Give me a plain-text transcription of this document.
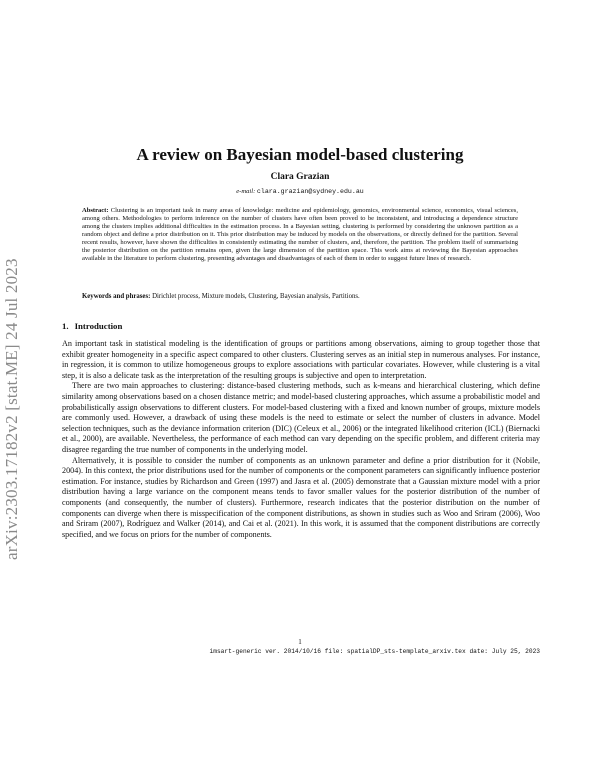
arXiv:2303.17182v2 [stat.ME] 24 Jul 2023
A review on Bayesian model-based clustering
Clara Grazian
e-mail: clara.grazian@sydney.edu.au
Abstract: Clustering is an important task in many areas of knowledge: medicine and epidemiology, genomics, environmental science, economics, visual sciences, among others. Methodologies to perform inference on the number of clusters have often been proved to be inconsistent, and introducing a dependence structure among the clusters implies additional difficulties in the estimation process. In a Bayesian setting, clustering is performed by considering the unknown partition as a random object and define a prior distribution on it. This prior distribution may be induced by models on the observations, or directly defined for the partition. Several recent results, however, have shown the difficulties in consistently estimating the number of clusters, and, therefore, the partition. The problem itself of summarising the posterior distribution on the partition remains open, given the large dimension of the partition space. This work aims at reviewing the Bayesian approaches available in the literature to perform clustering, presenting advantages and disadvantages of each of them in order to suggest future lines of research.
Keywords and phrases: Dirichlet process, Mixture models, Clustering, Bayesian analysis, Partitions.
1. Introduction

An important task in statistical modeling is the identification of groups or partitions among observations, aiming to group together those that exhibit greater homogeneity in a specific aspect compared to other clusters. Clustering serves as an initial step in numerous analyses. For instance, in regression, it is common to utilize homogeneous groups to explore associations with particular covariates. However, while clustering is a vital step, it is also a delicate task as the interpretation of the resulting groups is subjective and open to interpretation.

There are two main approaches to clustering: distance-based clustering methods, such as k-means and hierarchical clustering, which define similarity among observations based on a chosen distance metric; and model-based clustering approaches, which assume a probabilistic model and probabilistically assign observations to different clusters. For model-based clustering with a fixed and known number of groups, mixture models are commonly used. However, a drawback of using these models is the need to estimate or select the number of clusters in advance. Model selection techniques, such as the deviance information criterion (DIC) (Celeux et al., 2006) or the integrated likelihood criterion (ICL) (Biernacki et al., 2000), are available. Nevertheless, the performance of each method can vary depending on the specific problem, and different criteria may disagree regarding the true number of components in the underlying model.

Alternatively, it is possible to consider the number of components as an unknown parameter and define a prior distribution for it (Nobile, 2004). In this context, the prior distributions used for the number of components or the component parameters can significantly influence posterior estimation. For instance, studies by Richardson and Green (1997) and Jasra et al. (2005) demonstrate that a Gaussian mixture model with a prior distribution having a large variance on the component means tends to favor smaller values for the posterior distribution of the number of components (and consequently, the number of clusters). Furthermore, research indicates that the posterior distribution on the number of components can diverge when there is misspecification of the component distributions, as shown in studies such as Woo and Sriram (2006), Woo and Sriram (2007), Rodríguez and Walker (2014), and Cai et al. (2021). In this work, it is assumed that the component distributions are correctly specified, and we focus on priors for the number of components.

1
imsart-generic ver. 2014/10/16 file: spatialDP_sts-template_arxiv.tex date: July 25, 2023
